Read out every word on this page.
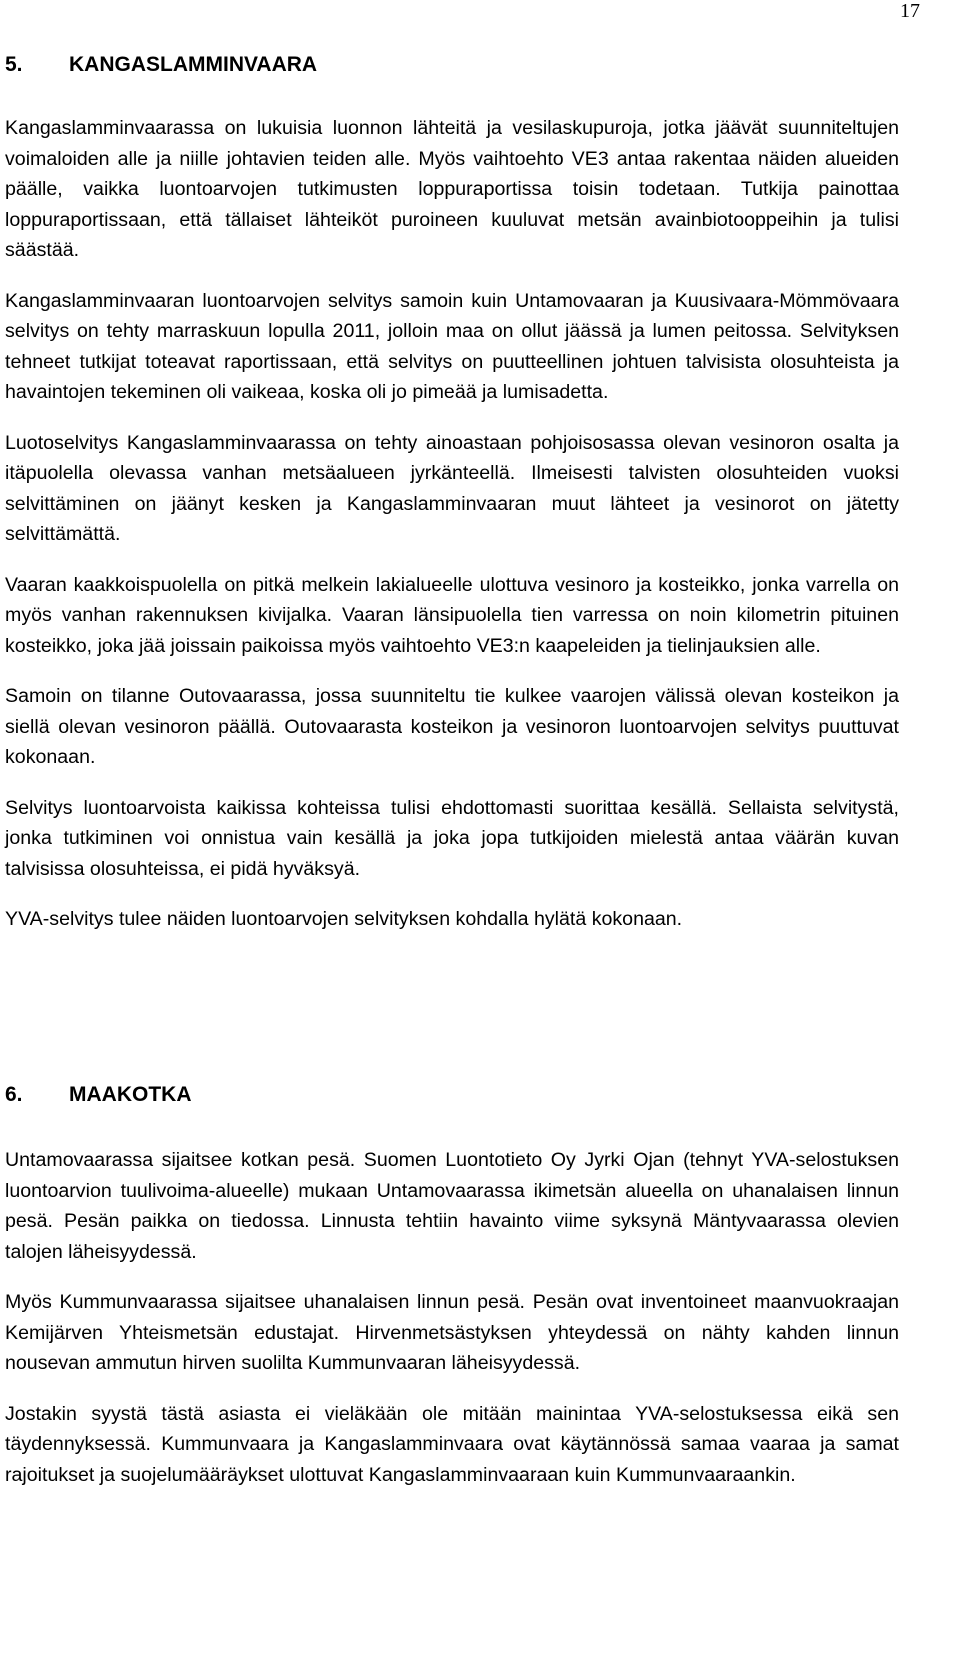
17
5.	KANGASLAMMINVAARA

Kangaslamminvaarassa on lukuisia luonnon lähteitä ja vesilaskupuroja, jotka jäävät suunniteltujen voimaloiden alle ja niille johtavien teiden alle. Myös vaihtoehto VE3 antaa rakentaa näiden alueiden päälle, vaikka luontoarvojen tutkimusten loppuraportissa toisin todetaan. Tutkija painottaa loppuraportissaan, että tällaiset lähteiköt puroineen kuuluvat metsän avainbiotooppeihin ja tulisi säästää.

Kangaslamminvaaran luontoarvojen selvitys samoin kuin Untamovaaran ja Kuusivaara-Mömmövaara selvitys on tehty marraskuun lopulla 2011, jolloin maa on ollut jäässä ja lumen peitossa. Selvityksen tehneet tutkijat toteavat raportissaan, että selvitys on puutteellinen johtuen talvisista olosuhteista ja havaintojen tekeminen oli vaikeaa, koska oli jo pimeää ja lumisadetta.

Luotoselvitys Kangaslamminvaarassa on tehty ainoastaan pohjoisosassa olevan vesinoron osalta ja itäpuolella olevassa vanhan metsäalueen jyrkänteellä. Ilmeisesti talvisten olosuhteiden vuoksi selvittäminen on jäänyt kesken ja Kangaslamminvaaran muut lähteet ja vesinorot on jätetty selvittämättä.

Vaaran kaakkoispuolella on pitkä melkein lakialueelle ulottuva vesinoro ja kosteikko, jonka varrella on myös vanhan rakennuksen kivijalka. Vaaran länsipuolella tien varressa on noin kilometrin pituinen kosteikko, joka jää joissain paikoissa myös vaihtoehto VE3:n kaapeleiden ja tielinjauksien alle.

Samoin on tilanne Outovaarassa, jossa suunniteltu tie kulkee vaarojen välissä olevan kosteikon ja siellä olevan vesinoron päällä. Outovaarasta kosteikon ja vesinoron luontoarvojen selvitys puuttuvat kokonaan.

Selvitys luontoarvoista kaikissa kohteissa tulisi ehdottomasti suorittaa kesällä. Sellaista selvitystä, jonka tutkiminen voi onnistua vain kesällä ja joka jopa tutkijoiden mielestä antaa väärän kuvan talvisissa olosuhteissa, ei pidä hyväksyä.

YVA-selvitys tulee näiden luontoarvojen selvityksen kohdalla hylätä kokonaan.

6.	MAAKOTKA

Untamovaarassa sijaitsee kotkan pesä. Suomen Luontotieto Oy Jyrki Ojan (tehnyt YVA-selostuksen luontoarvion tuulivoima-alueelle) mukaan Untamovaarassa ikimetsän alueella on uhanalaisen linnun pesä. Pesän paikka on tiedossa. Linnusta tehtiin havainto viime syksynä Mäntyvaarassa olevien talojen läheisyydessä.

Myös Kummunvaarassa sijaitsee uhanalaisen linnun pesä. Pesän ovat inventoineet maanvuokraajan Kemijärven Yhteismetsän edustajat. Hirvenmetsästyksen yhteydessä on nähty kahden linnun nousevan ammutun hirven suolilta Kummunvaaran läheisyydessä.

Jostakin syystä tästä asiasta ei vieläkään ole mitään mainintaa YVA-selostuksessa eikä sen täydennyksessä. Kummunvaara ja Kangaslamminvaara ovat käytännössä samaa vaaraa ja samat rajoitukset ja suojelumääräykset ulottuvat Kangaslamminvaaraan kuin Kummunvaaraankin.
